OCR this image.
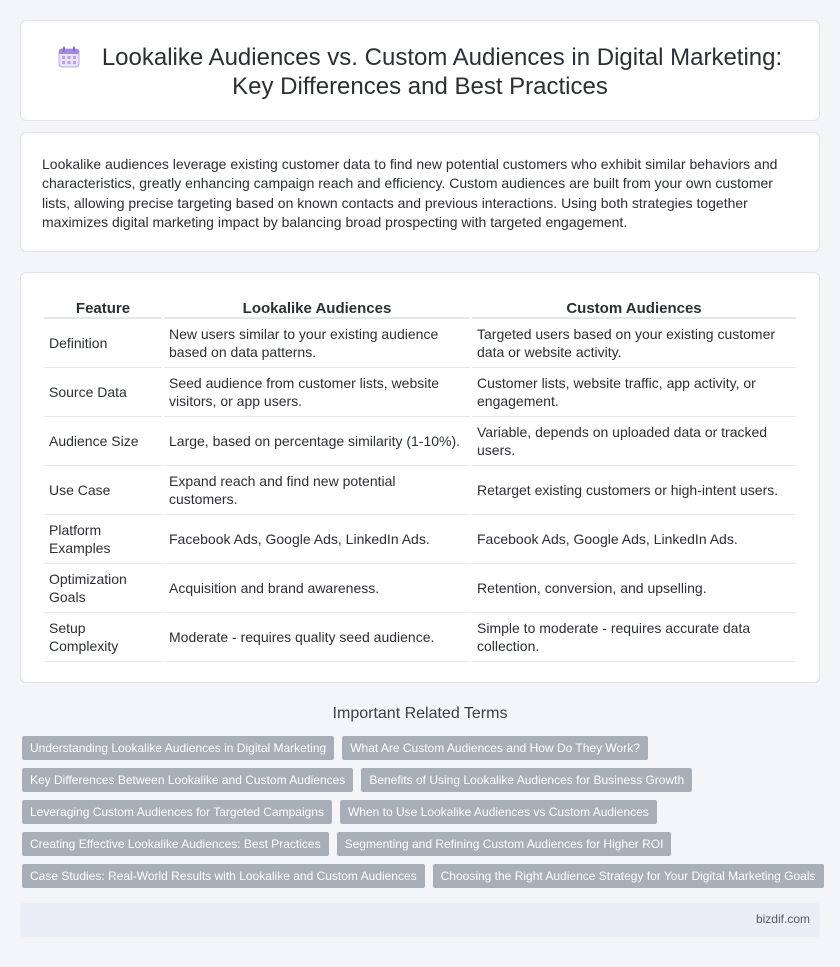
Lookalike Audiences vs. Custom Audiences in Digital Marketing: Key Differences and Best Practices

Lookalike audiences leverage existing customer data to find new potential customers who exhibit similar behaviors and characteristics, greatly enhancing campaign reach and efficiency. Custom audiences are built from your own customer lists, allowing precise targeting based on known contacts and previous interactions. Using both strategies together maximizes digital marketing impact by balancing broad prospecting with targeted engagement.

Feature	Lookalike Audiences	Custom Audiences
Definition	New users similar to your existing audience based on data patterns.	Targeted users based on your existing customer data or website activity.
Source Data	Seed audience from customer lists, website visitors, or app users.	Customer lists, website traffic, app activity, or engagement.
Audience Size	Large, based on percentage similarity (1-10%).	Variable, depends on uploaded data or tracked users.
Use Case	Expand reach and find new potential customers.	Retarget existing customers or high-intent users.
Platform Examples	Facebook Ads, Google Ads, LinkedIn Ads.	Facebook Ads, Google Ads, LinkedIn Ads.
Optimization Goals	Acquisition and brand awareness.	Retention, conversion, and upselling.
Setup Complexity	Moderate - requires quality seed audience.	Simple to moderate - requires accurate data collection.
Important Related Terms
Understanding Lookalike Audiences in Digital Marketing What Are Custom Audiences and How Do They Work?
Key Differences Between Lookalike and Custom Audiences Benefits of Using Lookalike Audiences for Business Growth
Leveraging Custom Audiences for Targeted Campaigns When to Use Lookalike Audiences vs Custom Audiences
Creating Effective Lookalike Audiences: Best Practices Segmenting and Refining Custom Audiences for Higher ROI
Case Studies: Real-World Results with Lookalike and Custom Audiences Choosing the Right Audience Strategy for Your Digital Marketing Goals
bizdif.com
